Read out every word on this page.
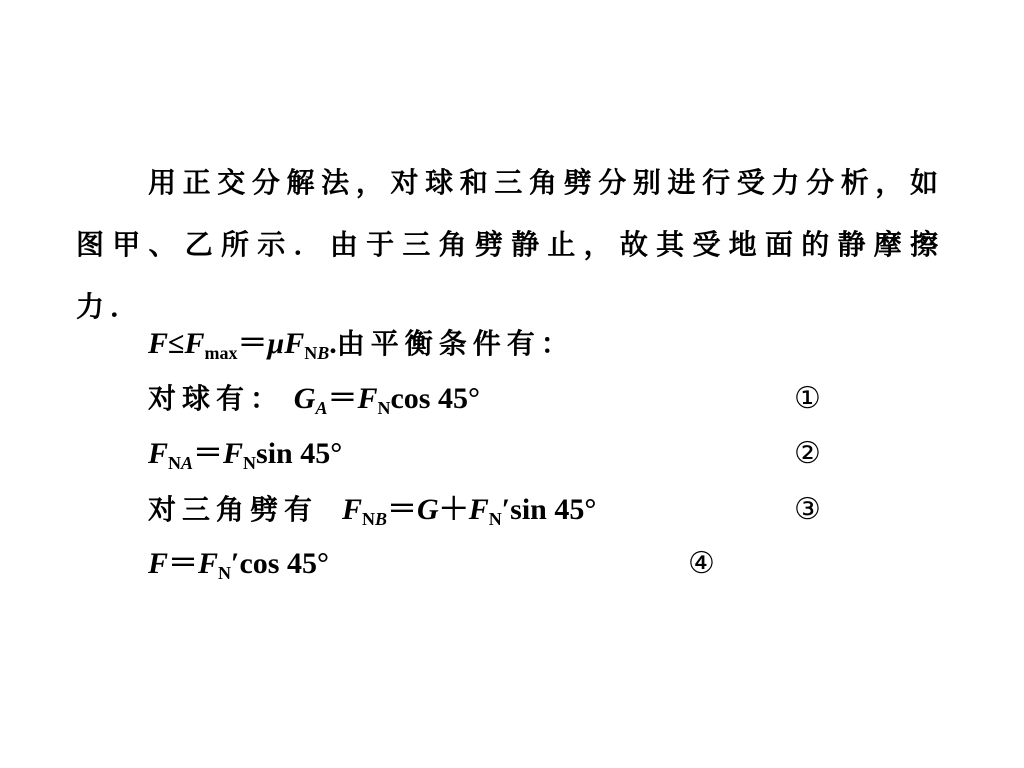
用正交分解法，对球和三角劈分别进行受力分析，如图甲、乙所示．由于三角劈静止，故其受地面的静摩擦力．

$F\le F_{max}=\mu F_{NB}$.由平衡条件有：
对球有： $G_A=F_N\cos$ 45°	①
$F_{NA}=F_N\sin$ 45°	②
对三角劈有 $F_{NB}=G+F_N'\sin$ 45°	③
$F=F_N'\cos$ 45°	④
